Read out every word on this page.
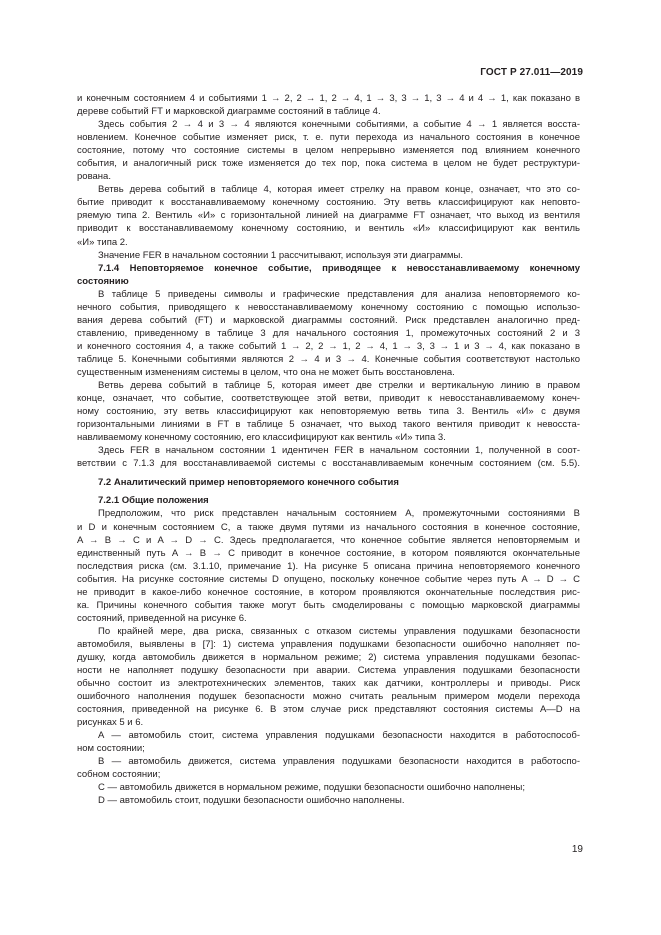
ГОСТ Р 27.011—2019
и конечным состоянием 4 и событиями 1 → 2, 2 → 1, 2 → 4, 1 → 3, 3 → 1, 3 → 4 и 4 → 1, как показано в
дереве событий FT и марковской диаграмме состояний в таблице 4.
Здесь события 2 → 4 и 3 → 4 являются конечными событиями, а событие 4 → 1 является восста-
новлением. Конечное событие изменяет риск, т. е. пути перехода из начального состояния в конечное
состояние, потому что состояние системы в целом непрерывно изменяется под влиянием конечного
события, и аналогичный риск тоже изменяется до тех пор, пока система в целом не будет реструктури-
рована.
Ветвь дерева событий в таблице 4, которая имеет стрелку на правом конце, означает, что это со-
бытие приводит к восстанавливаемому конечному состоянию. Эту ветвь классифицируют как неповто-
ряемую типа 2. Вентиль «И» с горизонтальной линией на диаграмме FT означает, что выход из вентиля
приводит к восстанавливаемому конечному состоянию, и вентиль «И» классифицируют как вентиль
«И» типа 2.
Значение FER в начальном состоянии 1 рассчитывают, используя эти диаграммы.
7.1.4 Неповторяемое конечное событие, приводящее к невосстанавливаемому конечному
состоянию
В таблице 5 приведены символы и графические представления для анализа неповторяемого ко-
нечного события, приводящего к невосстанавливаемому конечному состоянию с помощью использо-
вания дерева событий (FT) и марковской диаграммы состояний. Риск представлен аналогично пред-
ставлению, приведенному в таблице 3 для начального состояния 1, промежуточных состояний 2 и 3
и конечного состояния 4, а также событий 1 → 2, 2 → 1, 2 → 4, 1 → 3, 3 → 1 и 3 → 4, как показано в
таблице 5. Конечными событиями являются 2 → 4 и 3 → 4. Конечные события соответствуют настолько
существенным изменениям системы в целом, что она не может быть восстановлена.
Ветвь дерева событий в таблице 5, которая имеет две стрелки и вертикальную линию в правом
конце, означает, что событие, соответствующее этой ветви, приводит к невосстанавливаемому конеч-
ному состоянию, эту ветвь классифицируют как неповторяемую ветвь типа 3. Вентиль «И» с двумя
горизонтальными линиями в FT в таблице 5 означает, что выход такого вентиля приводит к невосста-
навливаемому конечному состоянию, его классифицируют как вентиль «И» типа 3.
Здесь FER в начальном состоянии 1 идентичен FER в начальном состоянии 1, полученной в соот-
ветствии с 7.1.3 для восстанавливаемой системы с восстанавливаемым конечным состоянием (см. 5.5).
7.2 Аналитический пример неповторяемого конечного события
7.2.1 Общие положения
Предположим, что риск представлен начальным состоянием A, промежуточными состояниями B
и D и конечным состоянием C, а также двумя путями из начального состояния в конечное состояние,
A → B → C и A → D → C. Здесь предполагается, что конечное событие является неповторяемым и
единственный путь A → B → C приводит в конечное состояние, в котором появляются окончательные
последствия риска (см. 3.1.10, примечание 1). На рисунке 5 описана причина неповторяемого конечного
события. На рисунке состояние системы D опущено, поскольку конечное событие через путь A → D → C
не приводит в какое-либо конечное состояние, в котором проявляются окончательные последствия рис-
ка. Причины конечного события также могут быть смоделированы с помощью марковской диаграммы
состояний, приведенной на рисунке 6.
По крайней мере, два риска, связанных с отказом системы управления подушками безопасности
автомобиля, выявлены в [7]: 1) система управления подушками безопасности ошибочно наполняет по-
душку, когда автомобиль движется в нормальном режиме; 2) система управления подушками безопас-
ности не наполняет подушку безопасности при аварии. Система управления подушками безопасности
обычно состоит из электротехнических элементов, таких как датчики, контроллеры и приводы. Риск
ошибочного наполнения подушек безопасности можно считать реальным примером модели перехода
состояния, приведенной на рисунке 6. В этом случае риск представляют состояния системы A—D на
рисунках 5 и 6.
A — автомобиль стоит, система управления подушками безопасности находится в работоспособ-
ном состоянии;
B — автомобиль движется, система управления подушками безопасности находится в работоспо-
собном состоянии;
C — автомобиль движется в нормальном режиме, подушки безопасности ошибочно наполнены;
D — автомобиль стоит, подушки безопасности ошибочно наполнены.
19
